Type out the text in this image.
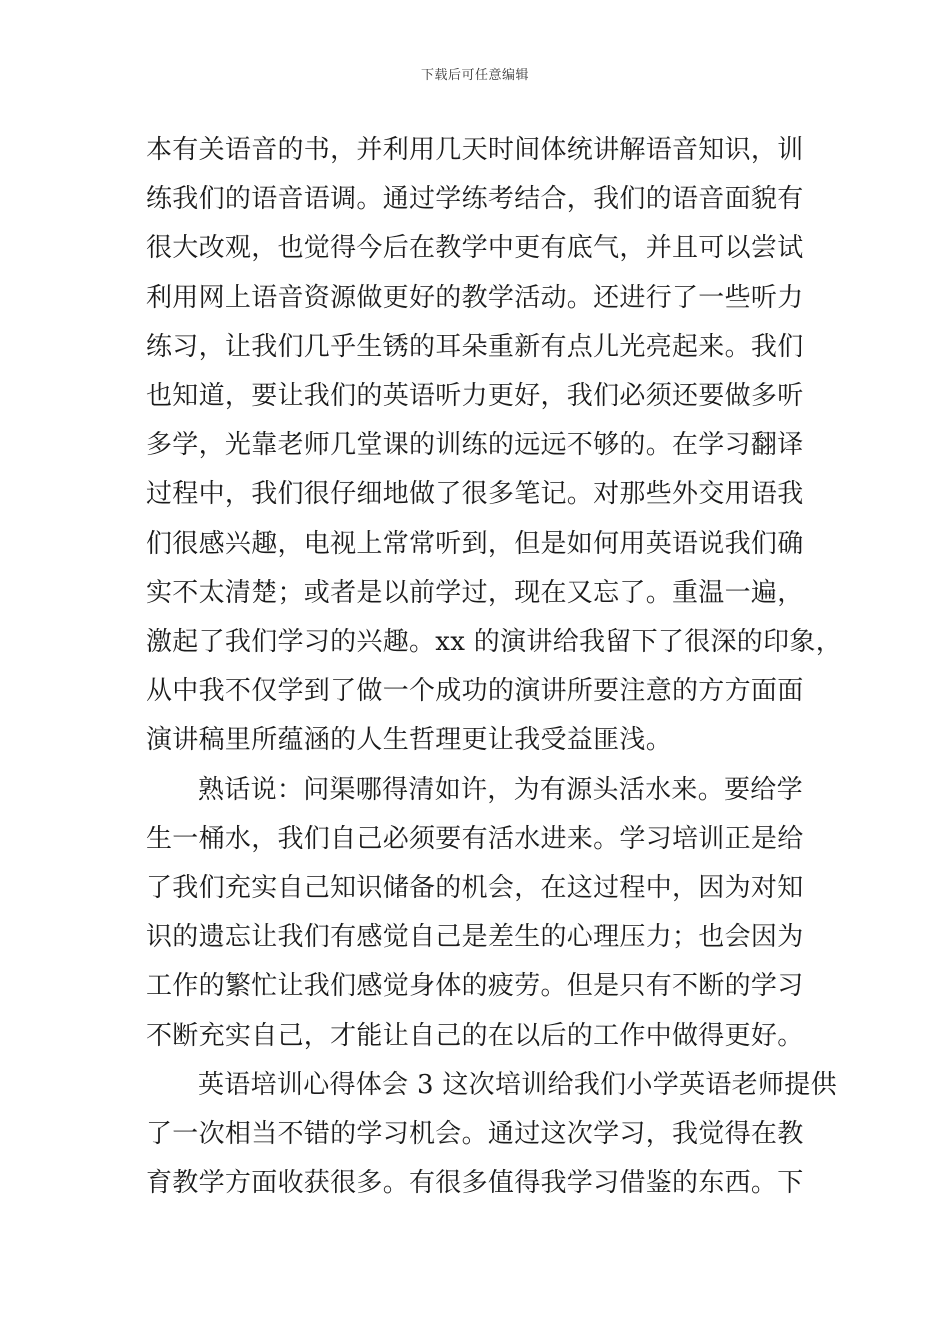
下载后可任意编辑

本有关语音的书，并利用几天时间体统讲解语音知识，训
练我们的语音语调。通过学练考结合，我们的语音面貌有
很大改观，也觉得今后在教学中更有底气，并且可以尝试
利用网上语音资源做更好的教学活动。还进行了一些听力
练习，让我们几乎生锈的耳朵重新有点儿光亮起来。我们
也知道，要让我们的英语听力更好，我们必须还要做多听
多学，光靠老师几堂课的训练的远远不够的。在学习翻译
过程中，我们很仔细地做了很多笔记。对那些外交用语我
们很感兴趣，电视上常常听到，但是如何用英语说我们确
实不太清楚；或者是以前学过，现在又忘了。重温一遍，
激起了我们学习的兴趣。xx 的演讲给我留下了很深的印象，
从中我不仅学到了做一个成功的演讲所要注意的方方面面
演讲稿里所蕴涵的人生哲理更让我受益匪浅。

熟话说：问渠哪得清如许，为有源头活水来。要给学
生一桶水，我们自己必须要有活水进来。学习培训正是给
了我们充实自己知识储备的机会，在这过程中，因为对知
识的遗忘让我们有感觉自己是差生的心理压力；也会因为
工作的繁忙让我们感觉身体的疲劳。但是只有不断的学习
不断充实自己，才能让自己的在以后的工作中做得更好。

英语培训心得体会 3 这次培训给我们小学英语老师提供
了一次相当不错的学习机会。通过这次学习，我觉得在教
育教学方面收获很多。有很多值得我学习借鉴的东西。下
